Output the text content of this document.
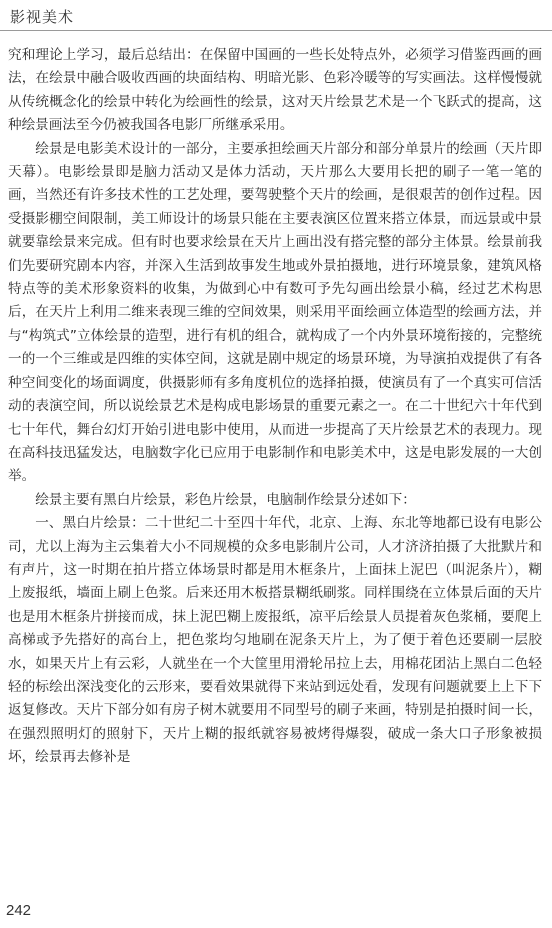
影视美术

究和理论上学习，最后总结出：在保留中国画的一些长处特点外，必须学习借鉴西画的画法，在绘景中融合吸收西画的块面结构、明暗光影、色彩冷暖等的写实画法。这样慢慢就从传统概念化的绘景中转化为绘画性的绘景，这对天片绘景艺术是一个飞跃式的提高，这种绘景画法至今仍被我国各电影厂所继承采用。

绘景是电影美术设计的一部分，主要承担绘画天片部分和部分单景片的绘画（天片即天幕）。电影绘景即是脑力活动又是体力活动，天片那么大要用长把的刷子一笔一笔的画，当然还有许多技术性的工艺处理，要驾驶整个天片的绘画，是很艰苦的创作过程。因受摄影棚空间限制，美工师设计的场景只能在主要表演区位置来搭立体景，而远景或中景就要靠绘景来完成。但有时也要求绘景在天片上画出没有搭完整的部分主体景。绘景前我们先要研究剧本内容，并深入生活到故事发生地或外景拍摄地，进行环境景象，建筑风格特点等的美术形象资料的收集，为做到心中有数可予先勾画出绘景小稿，经过艺术构思后，在天片上利用二维来表现三维的空间效果，则采用平面绘画立体造型的绘画方法，并与“构筑式”立体绘景的造型，进行有机的组合，就构成了一个内外景环境衔接的，完整统一的一个三维或是四维的实体空间，这就是剧中规定的场景环境，为导演拍戏提供了有各种空间变化的场面调度，供摄影师有多角度机位的选择拍摄，使演员有了一个真实可信活动的表演空间，所以说绘景艺术是构成电影场景的重要元素之一。在二十世纪六十年代到七十年代，舞台幻灯开始引进电影中使用，从而进一步提高了天片绘景艺术的表现力。现在高科技迅猛发达，电脑数字化已应用于电影制作和电影美术中，这是电影发展的一大创举。

绘景主要有黑白片绘景，彩色片绘景，电脑制作绘景分述如下：

一、黑白片绘景：二十世纪二十至四十年代，北京、上海、东北等地都已设有电影公司，尤以上海为主云集着大小不同规模的众多电影制片公司，人才济济拍摄了大批默片和有声片，这一时期在拍片搭立体场景时都是用木框条片，上面抹上泥巴（叫泥条片），糊上废报纸，墙面上刷上色浆。后来还用木板搭景糊纸刷浆。同样围绕在立体景后面的天片也是用木框条片拼接而成，抹上泥巴糊上废报纸，凉平后绘景人员提着灰色浆桶，要爬上高梯或予先搭好的高台上，把色浆均匀地刷在泥条天片上，为了便于着色还要刷一层胶水，如果天片上有云彩，人就坐在一个大筐里用滑轮吊拉上去，用棉花团沾上黑白二色轻轻的标绘出深浅变化的云形来，要看效果就得下来站到远处看，发现有问题就要上上下下返复修改。天片下部分如有房子树木就要用不同型号的刷子来画，特别是拍摄时间一长，在强烈照明灯的照射下，天片上糊的报纸就容易被烤得爆裂，破成一条大口子形象被损坏，绘景再去修补是

242
